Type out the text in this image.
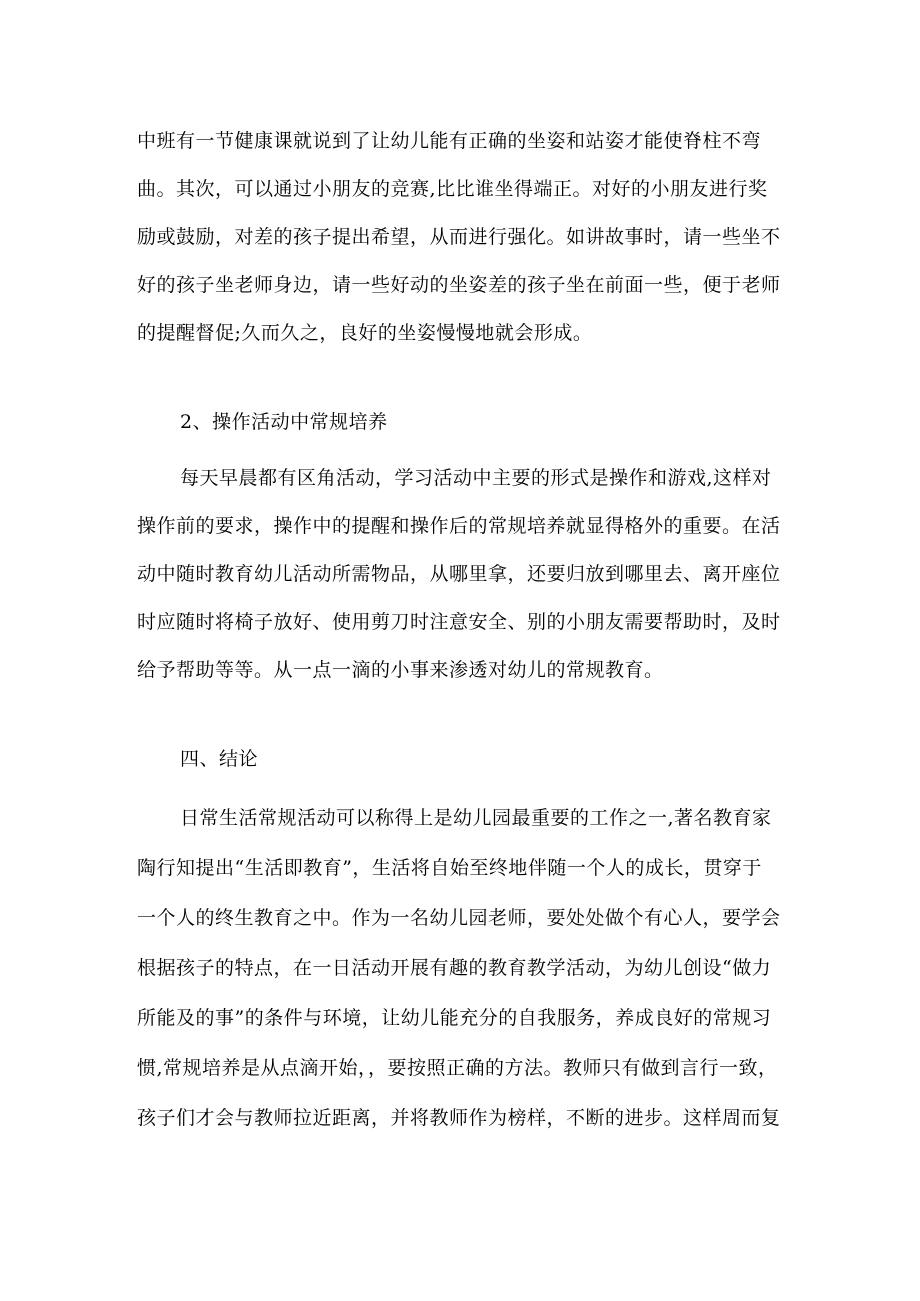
中班有一节健康课就说到了让幼儿能有正确的坐姿和站姿才能使脊柱不弯
曲。其次，可以通过小朋友的竞赛,比比谁坐得端正。对好的小朋友进行奖
励或鼓励，对差的孩子提出希望，从而进行强化。如讲故事时，请一些坐不
好的孩子坐老师身边，请一些好动的坐姿差的孩子坐在前面一些，便于老师
的提醒督促;久而久之，良好的坐姿慢慢地就会形成。
2、操作活动中常规培养
每天早晨都有区角活动，学习活动中主要的形式是操作和游戏,这样对
操作前的要求，操作中的提醒和操作后的常规培养就显得格外的重要。在活
动中随时教育幼儿活动所需物品，从哪里拿，还要归放到哪里去、离开座位
时应随时将椅子放好、使用剪刀时注意安全、别的小朋友需要帮助时，及时
给予帮助等等。从一点一滴的小事来渗透对幼儿的常规教育。
四、结论
日常生活常规活动可以称得上是幼儿园最重要的工作之一,著名教育家
陶行知提出“生活即教育”，生活将自始至终地伴随一个人的成长，贯穿于
一个人的终生教育之中。作为一名幼儿园老师，要处处做个有心人，要学会
根据孩子的特点，在一日活动开展有趣的教育教学活动，为幼儿创设“做力
所能及的事”的条件与环境，让幼儿能充分的自我服务，养成良好的常规习
惯,常规培养是从点滴开始，，要按照正确的方法。教师只有做到言行一致，
孩子们才会与教师拉近距离，并将教师作为榜样，不断的进步。这样周而复
